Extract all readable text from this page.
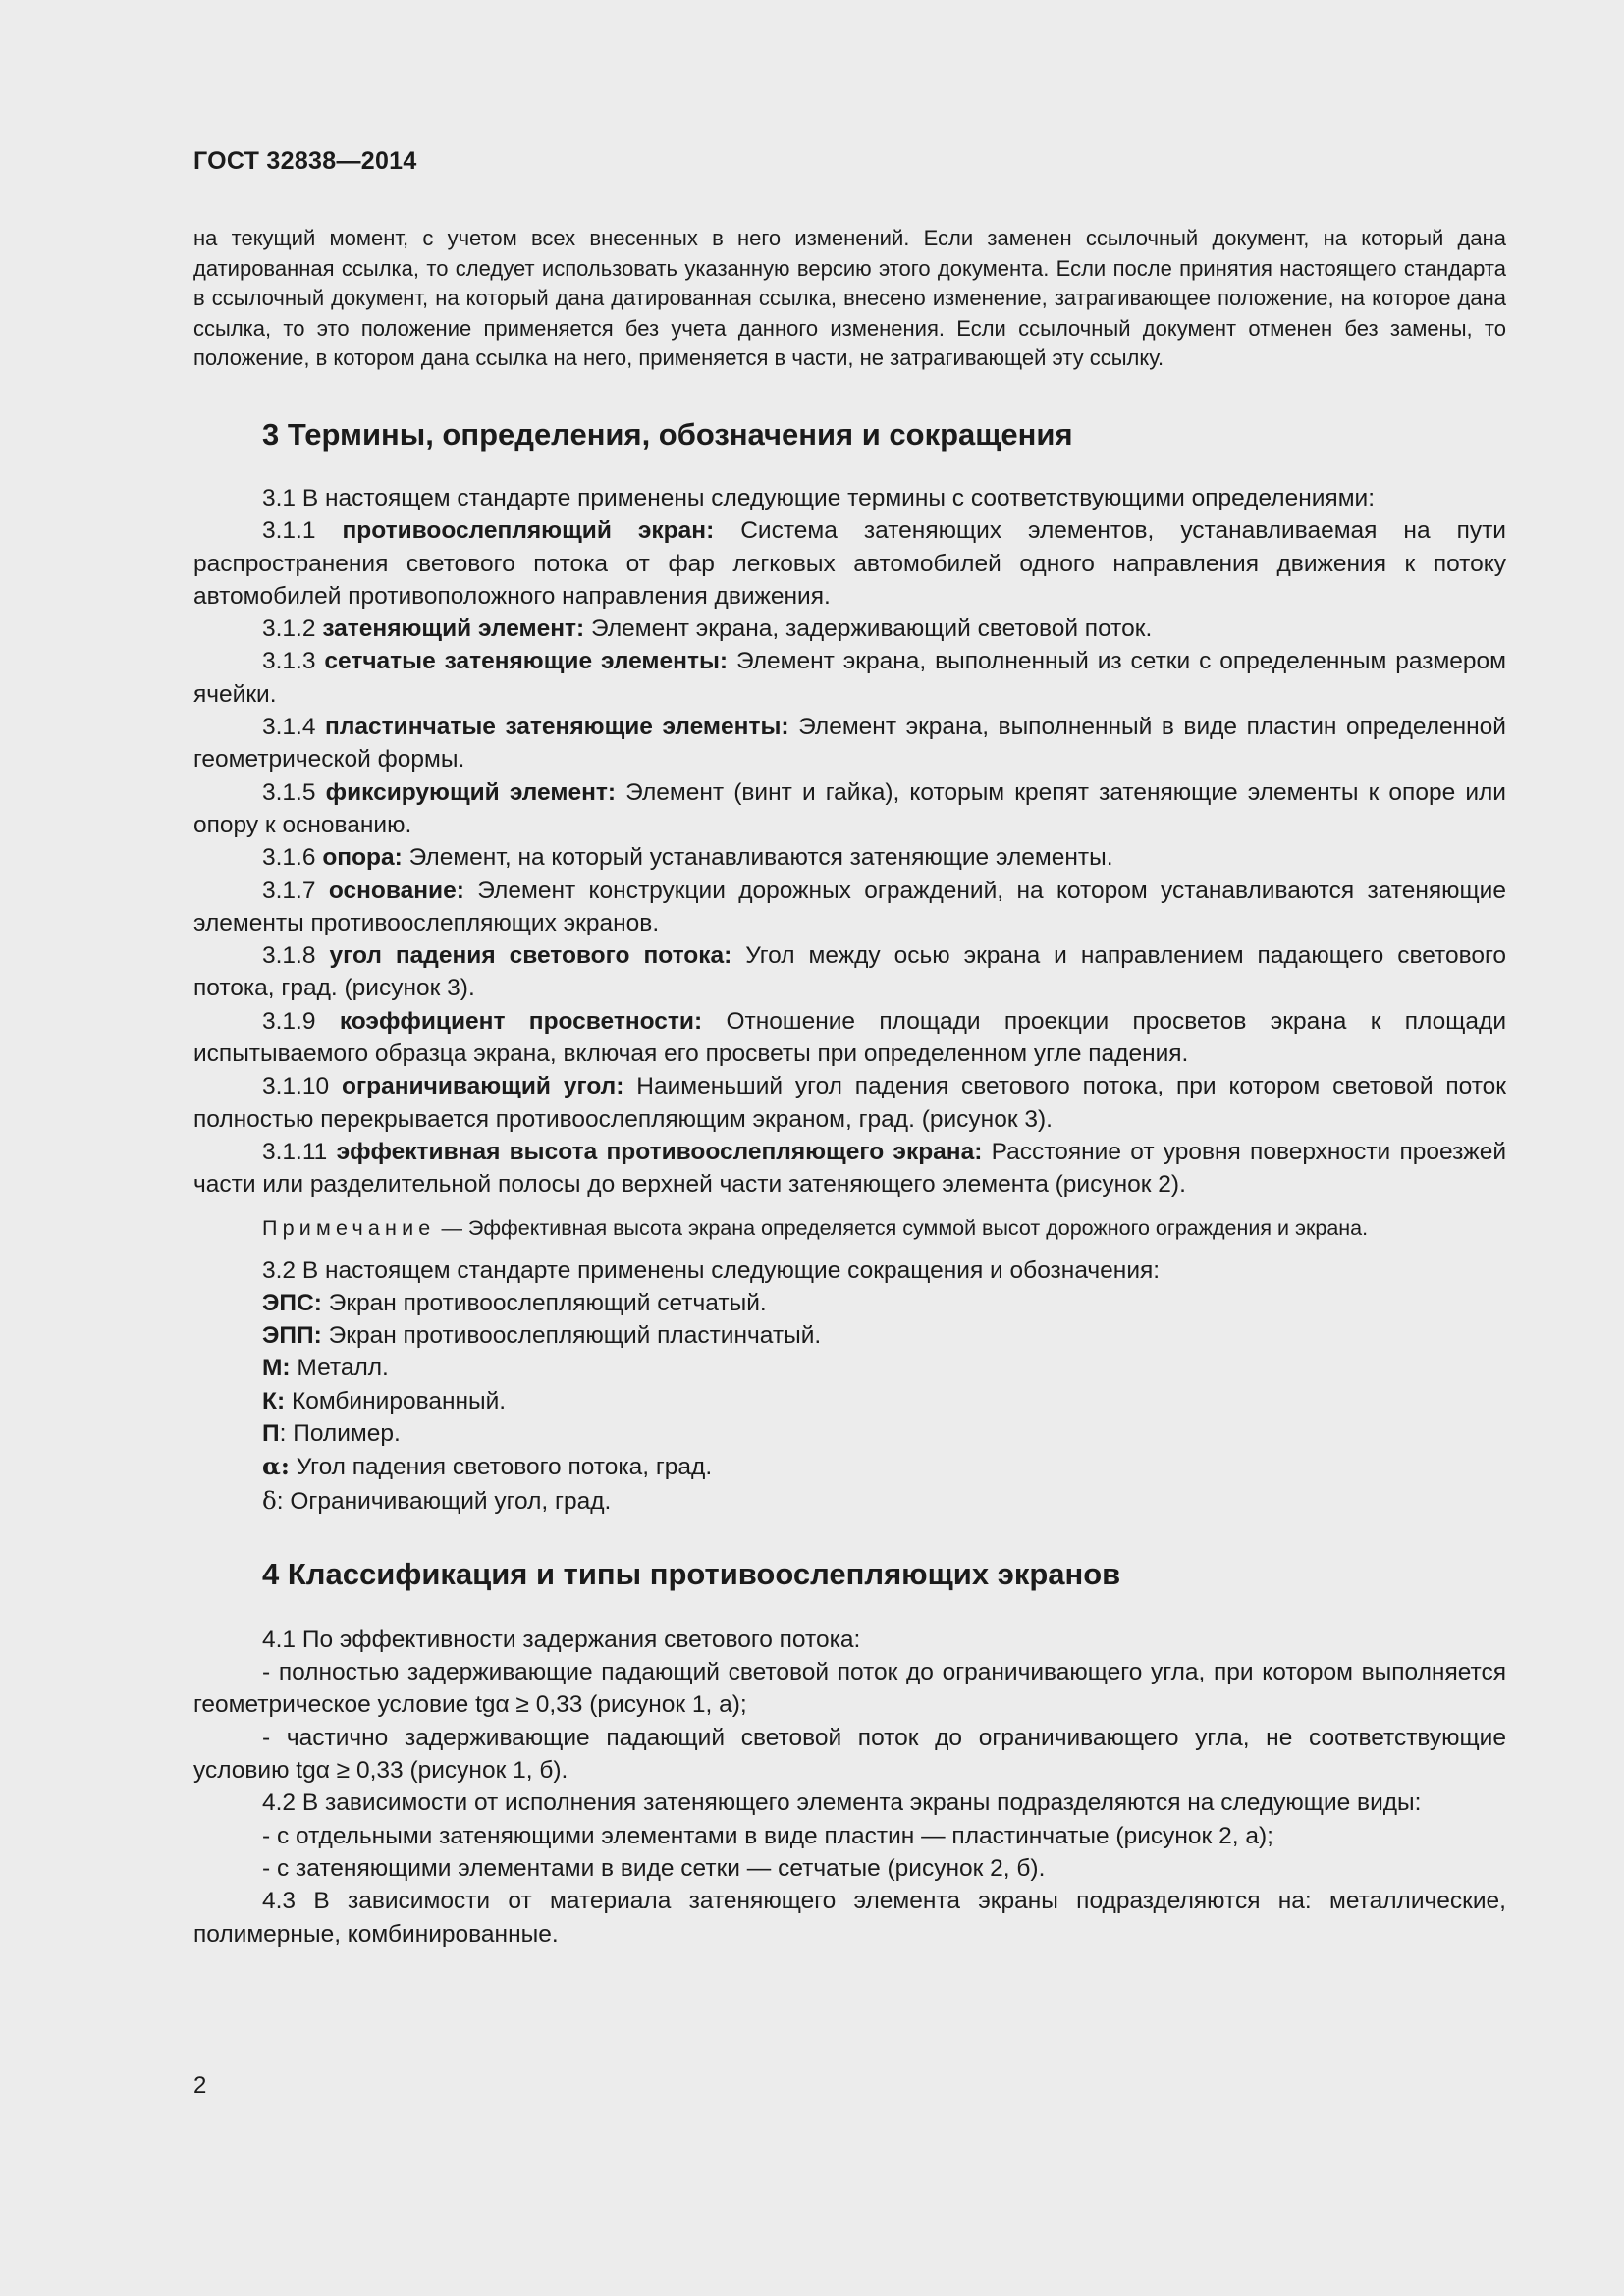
ГОСТ 32838—2014

на текущий момент, с учетом всех внесенных в него изменений. Если заменен ссылочный документ, на который дана датированная ссылка, то следует использовать указанную версию этого документа. Если после принятия настоящего стандарта в ссылочный документ, на который дана датированная ссылка, внесено изменение, затрагивающее положение, на которое дана ссылка, то это положение применяется без учета данного изменения. Если ссылочный документ отменен без замены, то положение, в котором дана ссылка на него, применяется в части, не затрагивающей эту ссылку.

3 Термины, определения, обозначения и сокращения

3.1 В настоящем стандарте применены следующие термины с соответствующими определениями:

3.1.1 противоослепляющий экран: Система затеняющих элементов, устанавливаемая на пути распространения светового потока от фар легковых автомобилей одного направления движения к потоку автомобилей противоположного направления движения.

3.1.2 затеняющий элемент: Элемент экрана, задерживающий световой поток.

3.1.3 сетчатые затеняющие элементы: Элемент экрана, выполненный из сетки с определенным размером ячейки.

3.1.4 пластинчатые затеняющие элементы: Элемент экрана, выполненный в виде пластин определенной геометрической формы.

3.1.5 фиксирующий элемент: Элемент (винт и гайка), которым крепят затеняющие элементы к опоре или опору к основанию.

3.1.6 опора: Элемент, на который устанавливаются затеняющие элементы.

3.1.7 основание: Элемент конструкции дорожных ограждений, на котором устанавливаются затеняющие элементы противоослепляющих экранов.

3.1.8 угол падения светового потока: Угол между осью экрана и направлением падающего светового потока, град. (рисунок 3).

3.1.9 коэффициент просветности: Отношение площади проекции просветов экрана к площади испытываемого образца экрана, включая его просветы при определенном угле падения.

3.1.10 ограничивающий угол: Наименьший угол падения светового потока, при котором световой поток полностью перекрывается противоослепляющим экраном, град. (рисунок 3).

3.1.11 эффективная высота противоослепляющего экрана: Расстояние от уровня поверхности проезжей части или разделительной полосы до верхней части затеняющего элемента (рисунок 2).

Примечание — Эффективная высота экрана определяется суммой высот дорожного ограждения и экрана.

3.2 В настоящем стандарте применены следующие сокращения и обозначения:

ЭПС: Экран противоослепляющий сетчатый.

ЭПП: Экран противоослепляющий пластинчатый.

М: Металл.

К: Комбинированный.

П: Полимер.

α: Угол падения светового потока, град.

δ: Ограничивающий угол, град.

4 Классификация и типы противоослепляющих экранов

4.1 По эффективности задержания светового потока:

- полностью задерживающие падающий световой поток до ограничивающего угла, при котором выполняется геометрическое условие tgα ≥ 0,33 (рисунок 1, а);

- частично задерживающие падающий световой поток до ограничивающего угла, не соответствующие условию tgα ≥ 0,33 (рисунок 1, б).

4.2 В зависимости от исполнения затеняющего элемента экраны подразделяются на следующие виды:

- с отдельными затеняющими элементами в виде пластин — пластинчатые (рисунок 2, а);

- с затеняющими элементами в виде сетки — сетчатые (рисунок 2, б).

4.3 В зависимости от материала затеняющего элемента экраны подразделяются на: металлические, полимерные, комбинированные.

2
